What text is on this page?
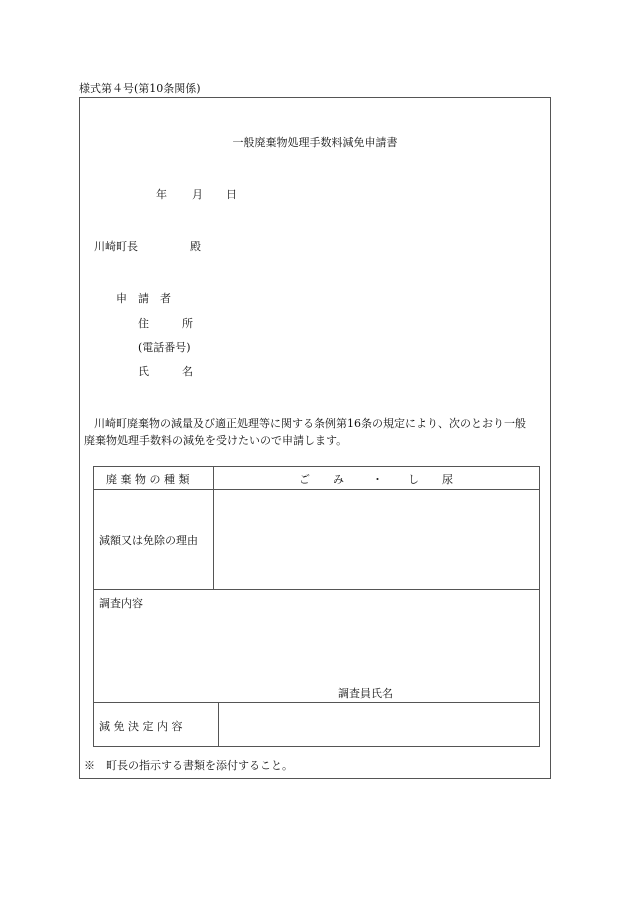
様式第４号(第10条関係)
一般廃棄物処理手数料減免申請書
年 月 日
川崎町長	殿
申　請　者
住　　　所
(電話番号)
氏　　　名
川崎町廃棄物の減量及び適正処理等に関する条例第16条の規定により、次のとおり一般
廃棄物処理手数料の減免を受けたいので申請します。
廃 棄 物 の 種 類	ご み	・ し 尿
減額又は免除の理由
調査内容
調査員氏名
減 免 決 定 内 容
※　町長の指示する書類を添付すること。
